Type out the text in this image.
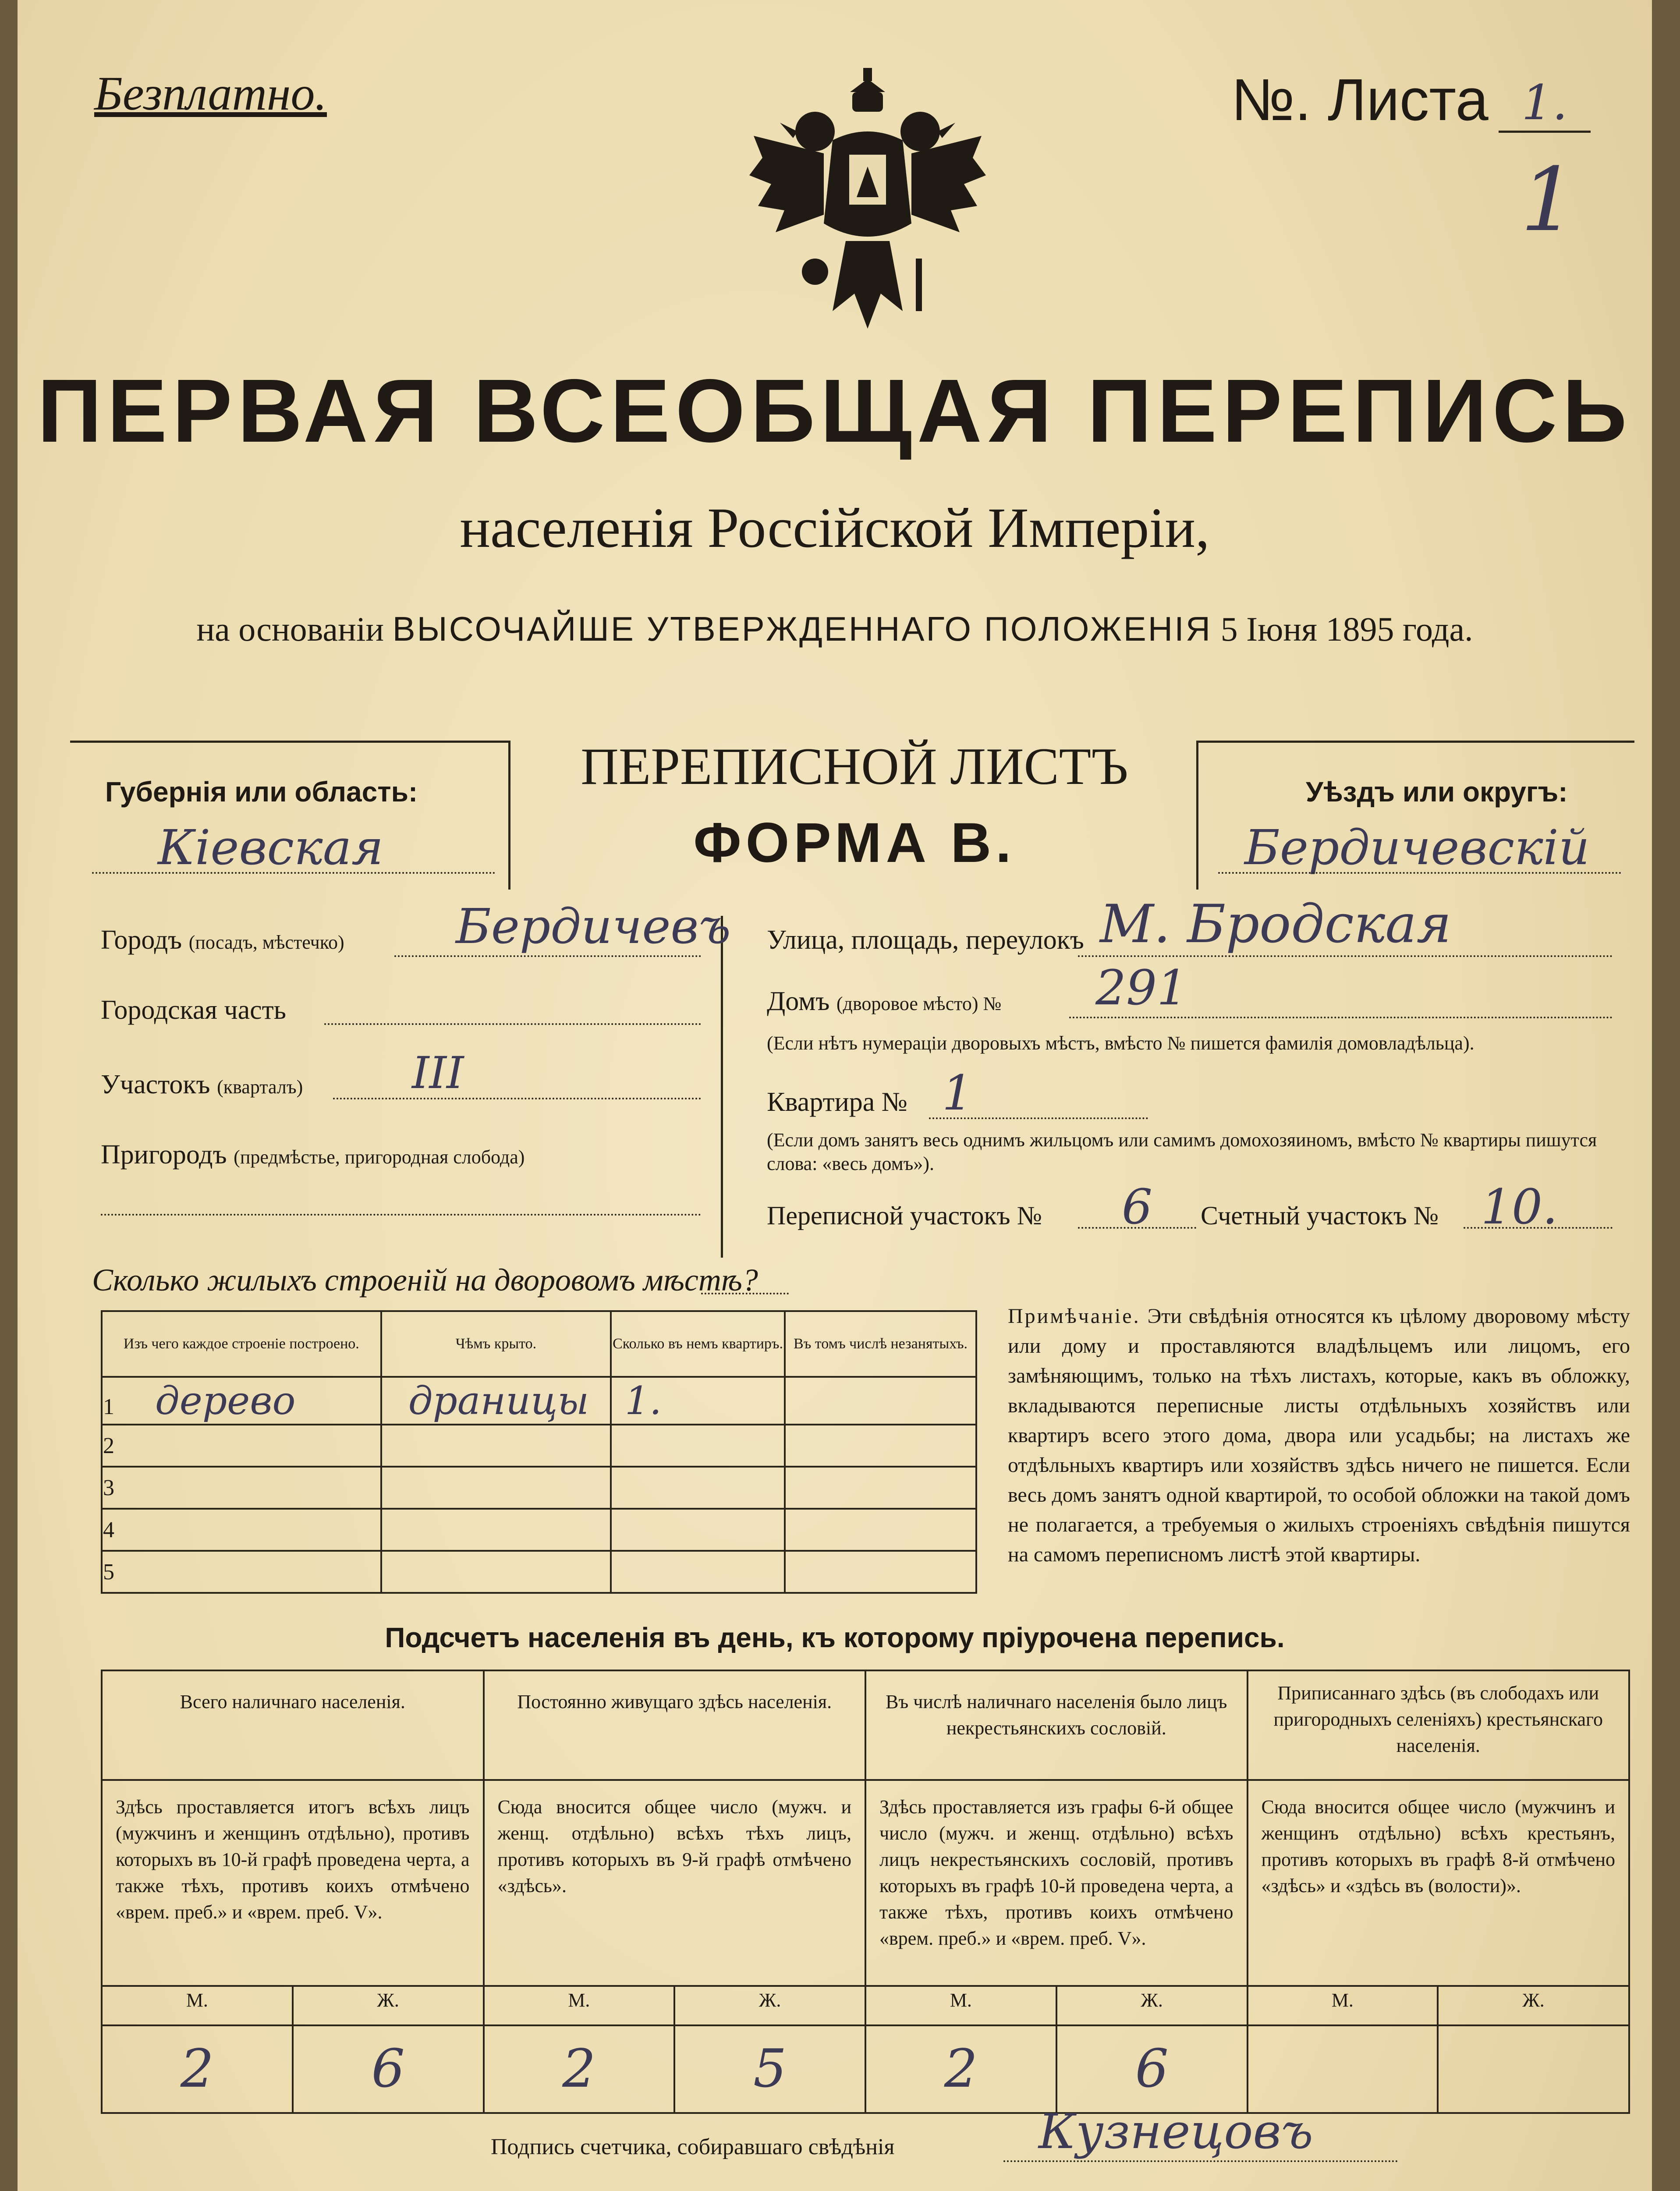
Безплатно.	№. Листа 1.
1
ПЕРВАЯ ВСЕОБЩАЯ ПЕРЕПИСЬ
населенія Россійской Имперіи,
на основаніи ВЫСОЧАЙШЕ УТВЕРЖДЕННАГО ПОЛОЖЕНІЯ 5 Іюня 1895 года.
Губернія или область:
Кіевская
ПЕРЕПИСНОЙ ЛИСТЪ
ФОРМА В.
Уѣздъ или округъ:
Бердичевскій
Городъ (посадъ, мѣстечко) Бердичевъ
Городская часть
Участокъ (кварталъ) III
Пригородъ (предмѣстье, пригородная слобода)
Улица, площадь, переулокъ М. Бродская
Домъ (дворовое мѣсто) № 291
(Если нѣтъ нумераціи дворовыхъ мѣстъ, вмѣсто № пишется фамилія домовладѣльца).
Квартира № 1
(Если домъ занятъ весь однимъ жильцомъ или самимъ домохозяиномъ, вмѣсто № квартиры пишутся слова: «весь домъ»).
Переписной участокъ № 6 Счетный участокъ № 10.
Сколько жилыхъ строеній на дворовомъ мѣстѣ?
Изъ чего каждое строеніе построено.	Чѣмъ крыто.	Сколько въ немъ квартиръ.	Въ томъ числѣ незанятыхъ.
1 дерево	драницы	1.	
2			
3			
4			
5			
Примѣчаніе. Эти свѣдѣнія относятся къ цѣлому дворовому мѣсту или дому и проставляются владѣльцемъ или лицомъ, его замѣняющимъ, только на тѣхъ листахъ, которые, какъ въ обложку, вкладываются переписные листы отдѣльныхъ хозяйствъ или квартиръ всего этого дома, двора или усадьбы; на листахъ же отдѣльныхъ квартиръ или хозяйствъ здѣсь ничего не пишется. Если весь домъ занятъ одной квартирой, то особой обложки на такой домъ не полагается, а требуемыя о жилыхъ строеніяхъ свѣдѣнія пишутся на самомъ переписномъ листѣ этой квартиры.
Подсчетъ населенія въ день, къ которому пріурочена перепись.
Всего наличнаго населенія.		Постоянно живущаго здѣсь населенія.		Въ числѣ наличнаго населенія было лицъ некрестьянскихъ сословій.		Приписаннаго здѣсь (въ слободахъ или пригородныхъ селеніяхъ) крестьянскаго населенія.	
Здѣсь проставляется итогъ всѣхъ лицъ (мужчинъ и женщинъ отдѣльно), противъ которыхъ въ 10-й графѣ проведена черта, а также тѣхъ, противъ коихъ отмѣчено «врем. преб.» и «врем. преб. V».		Сюда вносится общее число (мужч. и женщ. отдѣльно) всѣхъ тѣхъ лицъ, противъ которыхъ въ 9-й графѣ отмѣчено «здѣсь».		Здѣсь проставляется изъ графы 6-й общее число (мужч. и женщ. отдѣльно) всѣхъ лицъ некрестьянскихъ сословій, противъ которыхъ въ графѣ 10-й проведена черта, а также тѣхъ, противъ коихъ отмѣчено «врем. преб.» и «врем. преб. V».		Сюда вносится общее число (мужчинъ и женщинъ отдѣльно) всѣхъ крестьянъ, противъ которыхъ въ графѣ 8-й отмѣчено «здѣсь» и «здѣсь въ (волости)».	
М.	Ж.	М.	Ж.	М.	Ж.	М.	Ж.
2	6	2	5	2	6		
Подпись счетчика, собиравшаго свѣдѣнія	Кузнецовъ
